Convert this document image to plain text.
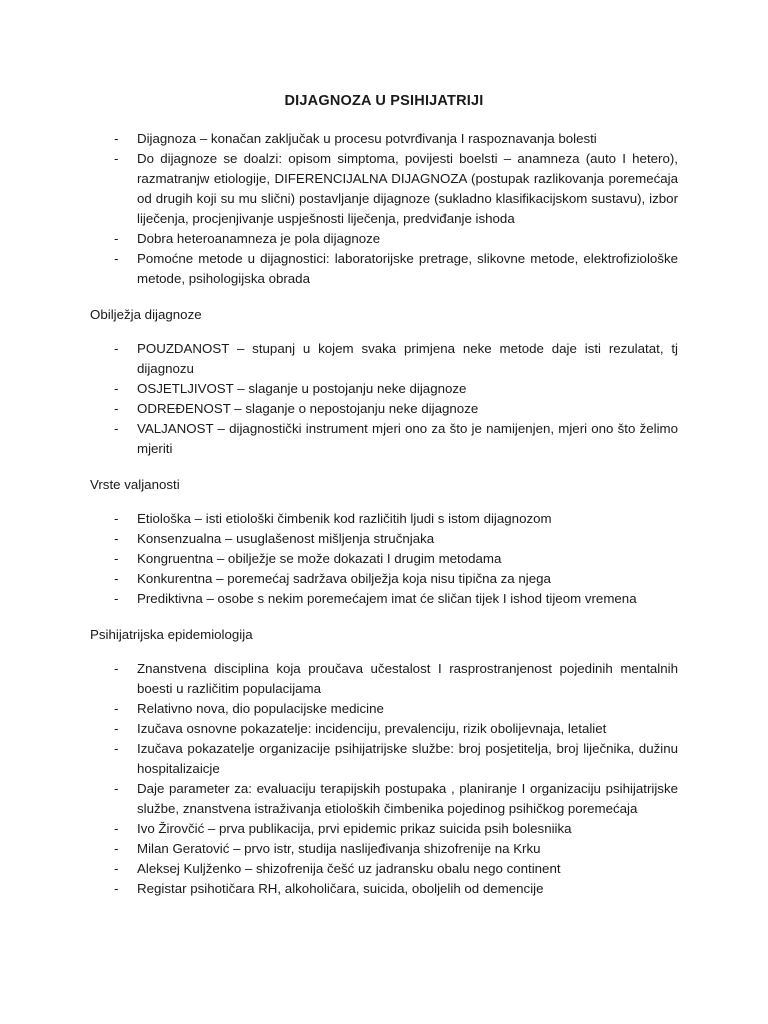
DIJAGNOZA U PSIHIJATRIJI
- Dijagnoza – konačan zaključak u procesu potvrđivanja I raspoznavanja bolesti
- Do dijagnoze se doalzi: opisom simptoma, povijesti boelsti – anamneza (auto I hetero), razmatranjw etiologije, DIFERENCIJALNA DIJAGNOZA (postupak razlikovanja poremećaja od drugih koji su mu slični) postavljanje dijagnoze (sukladno klasifikacijskom sustavu), izbor liječenja, procjenjivanje uspješnosti liječenja, predviđanje ishoda
- Dobra heteroanamneza je pola dijagnoze
- Pomoćne metode u dijagnostici: laboratorijske pretrage, slikovne metode, elektrofiziološke metode, psihologijska obrada

Obilježja dijagnoze

- POUZDANOST – stupanj u kojem svaka primjena neke metode daje isti rezulatat, tj dijagnozu
- OSJETLJIVOST – slaganje u postojanju neke dijagnoze
- ODREĐENOST – slaganje o nepostojanju neke dijagnoze
- VALJANOST – dijagnostički instrument mjeri ono za što je namijenjen, mjeri ono što želimo mjeriti

Vrste valjanosti

- Etiološka – isti etiološki čimbenik kod različitih ljudi s istom dijagnozom
- Konsenzualna – usuglašenost mišljenja stručnjaka
- Kongruentna – obilježje se može dokazati I drugim metodama
- Konkurentna – poremećaj sadržava obilježja koja nisu tipična za njega
- Prediktivna – osobe s nekim poremećajem imat će sličan tijek I ishod tijeom vremena

Psihijatrijska epidemiologija

- Znanstvena disciplina koja proučava učestalost I rasprostranjenost pojedinih mentalnih boesti u različitim populacijama
- Relativno nova, dio populacijske medicine
- Izučava osnovne pokazatelje: incidenciju, prevalenciju, rizik obolijevnaja, letaliet
- Izučava pokazatelje organizacije psihijatrijske službe: broj posjetitelja, broj liječnika, dužinu hospitalizaicje
- Daje parameter za: evaluaciju terapijskih postupaka , planiranje I organizaciju psihijatrijske službe, znanstvena istraživanja etioloških čimbenika pojedinog psihičkog poremećaja
- Ivo Žirovčić – prva publikacija, prvi epidemic prikaz suicida psih bolesniika
- Milan Geratović – prvo istr, studija naslijeđivanja shizofrenije na Krku
- Aleksej Kuljženko – shizofrenija češć uz jadransku obalu nego continent
- Registar psihotičara RH, alkoholičara, suicida, oboljelih od demencije
